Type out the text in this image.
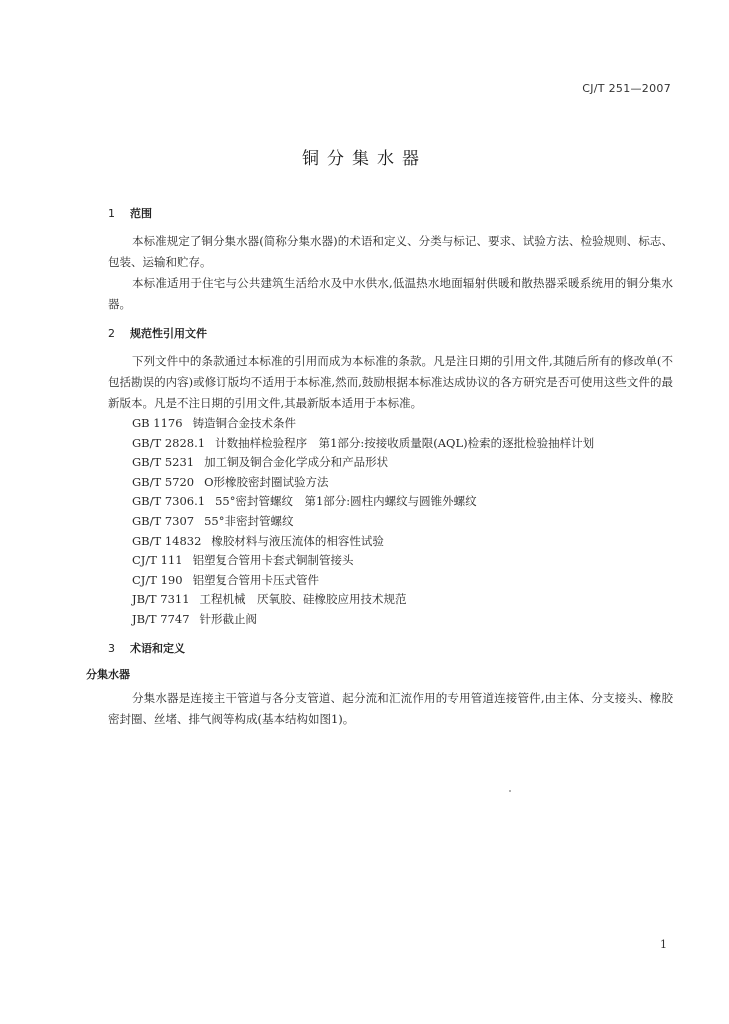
CJ/T 251—2007
铜分集水器
1 范围

本标准规定了铜分集水器(简称分集水器)的术语和定义、分类与标记、要求、试验方法、检验规则、标志、包装、运输和贮存。

本标准适用于住宅与公共建筑生活给水及中水供水,低温热水地面辐射供暖和散热器采暖系统用的铜分集水器。

2 规范性引用文件

下列文件中的条款通过本标准的引用而成为本标准的条款。凡是注日期的引用文件,其随后所有的修改单(不包括勘误的内容)或修订版均不适用于本标准,然而,鼓励根据本标准达成协议的各方研究是否可使用这些文件的最新版本。凡是不注日期的引用文件,其最新版本适用于本标准。

GB 1176 铸造铜合金技术条件
GB/T 2828.1 计数抽样检验程序　第1部分:按接收质量限(AQL)检索的逐批检验抽样计划
GB/T 5231 加工铜及铜合金化学成分和产品形状
GB/T 5720 O形橡胶密封圈试验方法
GB/T 7306.1 55°密封管螺纹　第1部分:圆柱内螺纹与圆锥外螺纹
GB/T 7307 55°非密封管螺纹
GB/T 14832 橡胶材料与液压流体的相容性试验
CJ/T 111 铝塑复合管用卡套式铜制管接头
CJ/T 190 铝塑复合管用卡压式管件
JB/T 7311 工程机械　厌氧胶、硅橡胶应用技术规范
JB/T 7747 针形截止阀
3 术语和定义
分集水器

分集水器是连接主干管道与各分支管道、起分流和汇流作用的专用管道连接管件,由主体、分支接头、橡胶密封圈、丝堵、排气阀等构成(基本结构如图1)。

1
